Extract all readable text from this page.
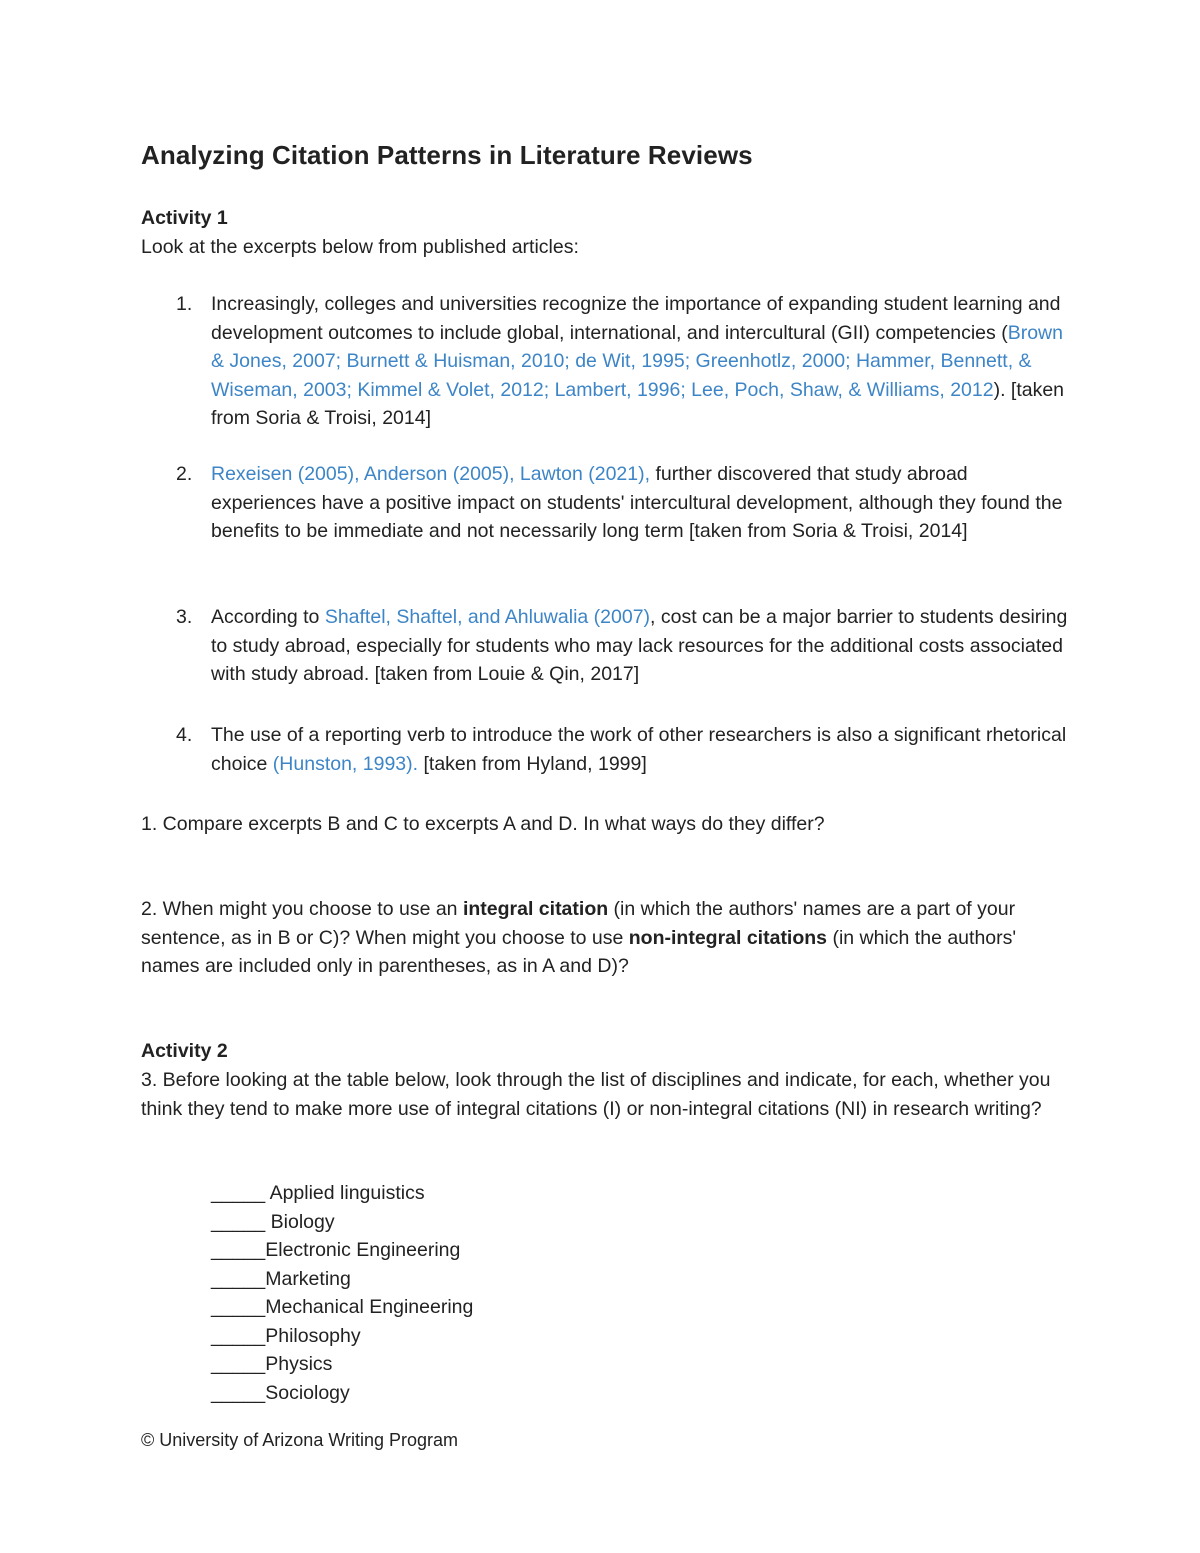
Analyzing Citation Patterns in Literature Reviews
Activity 1
Look at the excerpts below from published articles:
1. Increasingly, colleges and universities recognize the importance of expanding student learning and development outcomes to include global, international, and intercultural (GII) competencies (Brown & Jones, 2007; Burnett & Huisman, 2010; de Wit, 1995; Greenhotlz, 2000; Hammer, Bennett, & Wiseman, 2003; Kimmel & Volet, 2012; Lambert, 1996; Lee, Poch, Shaw, & Williams, 2012). [taken from Soria & Troisi, 2014]
2. Rexeisen (2005), Anderson (2005), Lawton (2021), further discovered that study abroad experiences have a positive impact on students' intercultural development, although they found the benefits to be immediate and not necessarily long term [taken from Soria & Troisi, 2014]
3. According to Shaftel, Shaftel, and Ahluwalia (2007), cost can be a major barrier to students desiring to study abroad, especially for students who may lack resources for the additional costs associated with study abroad. [taken from Louie & Qin, 2017]
4. The use of a reporting verb to introduce the work of other researchers is also a significant rhetorical choice (Hunston, 1993). [taken from Hyland, 1999]
1. Compare excerpts B and C to excerpts A and D. In what ways do they differ?
2. When might you choose to use an integral citation (in which the authors' names are a part of your sentence, as in B or C)? When might you choose to use non-integral citations (in which the authors' names are included only in parentheses, as in A and D)?
Activity 2
3. Before looking at the table below, look through the list of disciplines and indicate, for each, whether you think they tend to make more use of integral citations (I) or non-integral citations (NI) in research writing?
_____ Applied linguistics
_____ Biology
_____Electronic Engineering
_____Marketing
_____Mechanical Engineering
_____Philosophy
_____Physics
_____Sociology
© University of Arizona Writing Program
